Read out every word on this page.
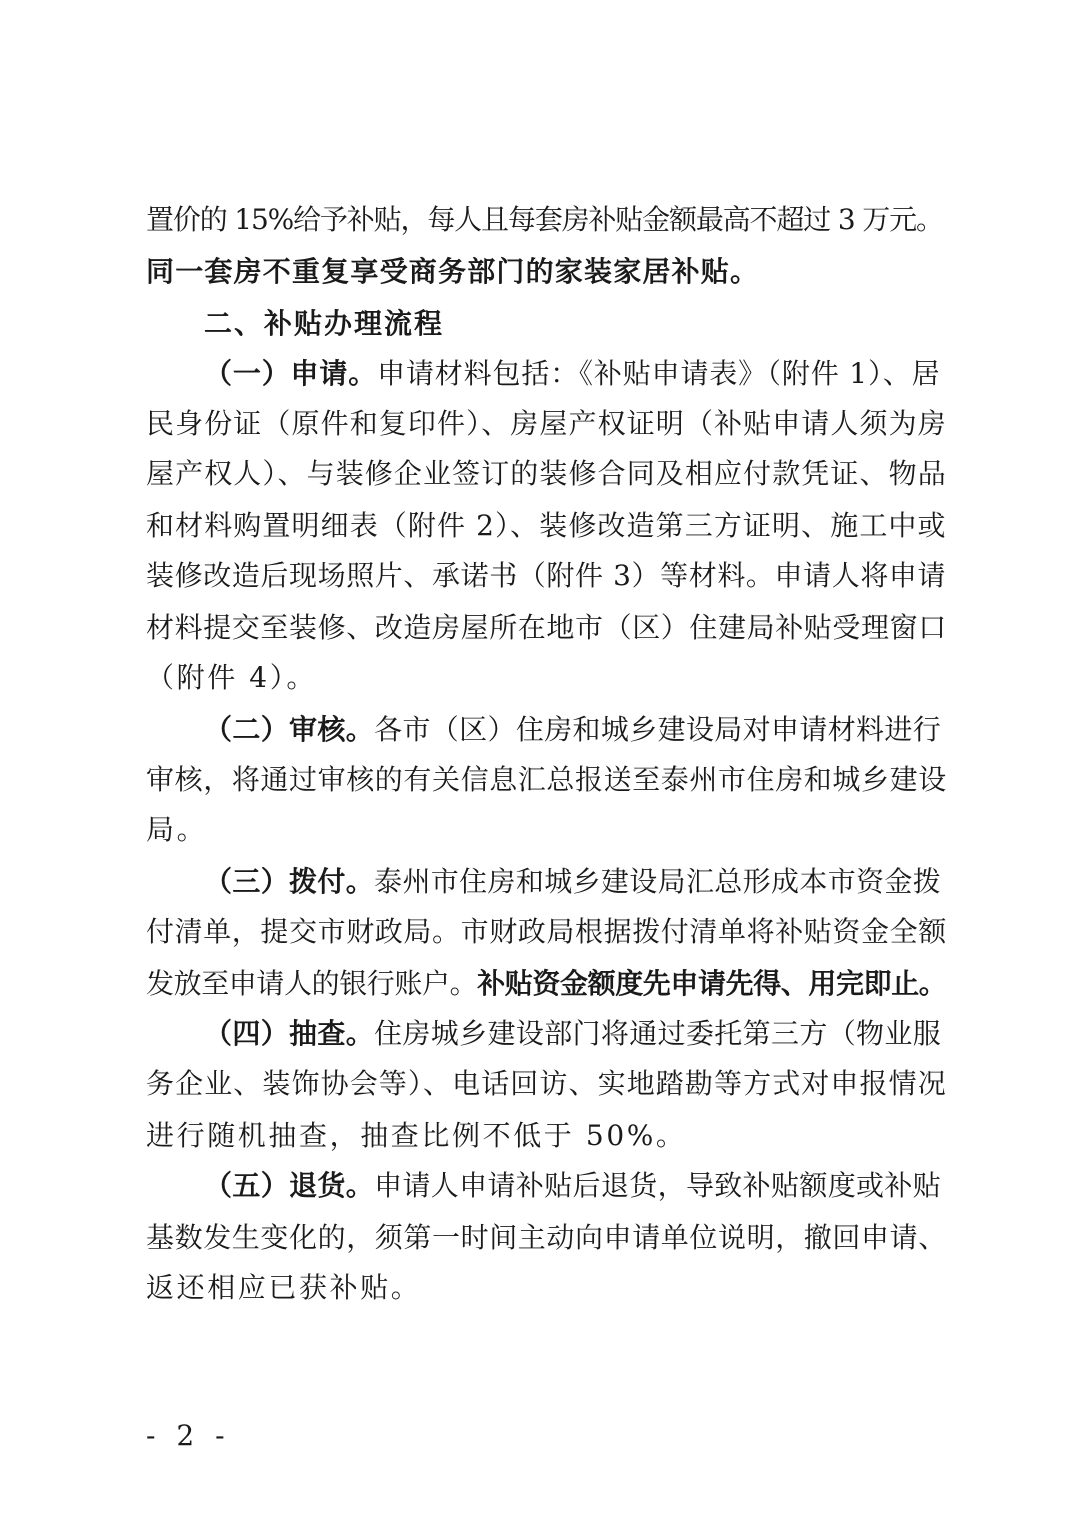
置价的 15%给予补贴，每人且每套房补贴金额最高不超过 3 万元。
同一套房不重复享受商务部门的家装家居补贴。
二、补贴办理流程
（一）申请。申请材料包括：《补贴申请表》（附件 1）、居
民身份证（原件和复印件）、房屋产权证明（补贴申请人须为房
屋产权人）、与装修企业签订的装修合同及相应付款凭证、物品
和材料购置明细表（附件 2）、装修改造第三方证明、施工中或
装修改造后现场照片、承诺书（附件 3）等材料。申请人将申请
材料提交至装修、改造房屋所在地市（区）住建局补贴受理窗口
（附件 4）。
（二）审核。各市（区）住房和城乡建设局对申请材料进行
审核，将通过审核的有关信息汇总报送至泰州市住房和城乡建设
局。
（三）拨付。泰州市住房和城乡建设局汇总形成本市资金拨
付清单，提交市财政局。市财政局根据拨付清单将补贴资金全额
发放至申请人的银行账户。补贴资金额度先申请先得、用完即止。
（四）抽查。住房城乡建设部门将通过委托第三方（物业服
务企业、装饰协会等）、电话回访、实地踏勘等方式对申报情况
进行随机抽查，抽查比例不低于 50%。
（五）退货。申请人申请补贴后退货，导致补贴额度或补贴
基数发生变化的，须第一时间主动向申请单位说明，撤回申请、
返还相应已获补贴。
- 2 -
